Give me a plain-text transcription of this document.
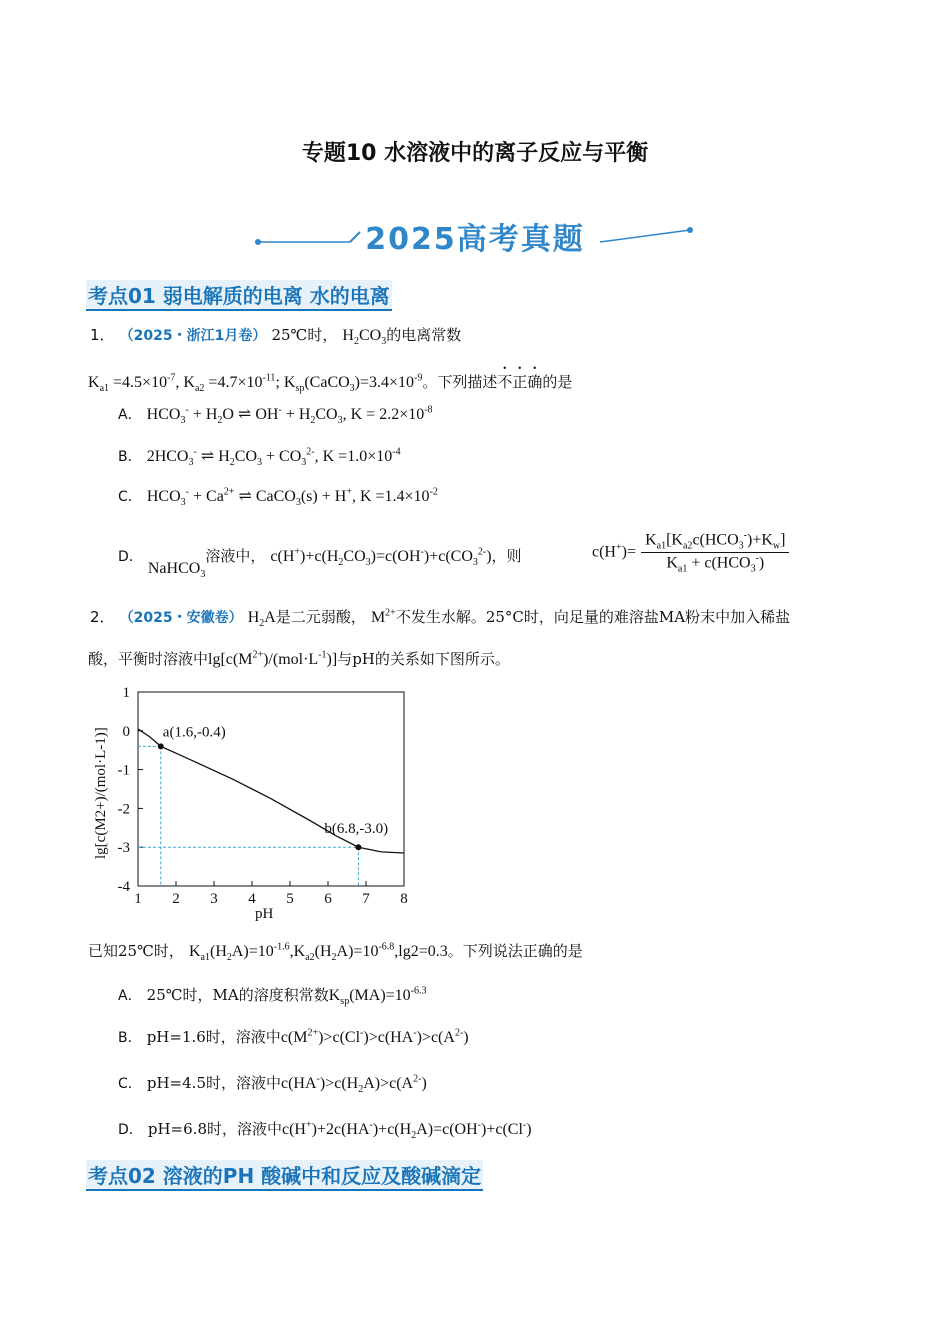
专题10 水溶液中的离子反应与平衡
2025高考真题
考点01 弱电解质的电离 水的电离
1． （2025・浙江1月卷） 25℃时， $H_2CO_3$的电离常数
$K_{a1} =4.5\times 10^{-7}$, $K_{a2} =4.7\times 10^{-11}$; $K_{sp}(CaCO_3)=3.4\times 10^{-9}$。下列描述不正确的是
A． $HCO_3^- + H_2O$ ⇌ $OH^- + H_2CO_3$, $K = 2.2\times 10^{-8}$
B． $2HCO_3^-$ ⇌ $H_2CO_3 + CO_3^{2-}$, $K =1.0\times 10^{-4}$
C． $HCO_3^- + Ca^{2+}$ ⇌ CaCO$_3$(s) + H+, $K =1.4\times 10^{-2}$
D． NaHCO$_3$溶液中， $c(H^+)+c(H_2CO_3)=c(OH^-)+c(CO_3^{2-})$，则	c(H+)=
$K_{a1}[K_{a2}c(HCO_3^-)+K_w]$
$K_{a1} + c(HCO_3^-)$
2． （2025・安徽卷） $H_2A$是二元弱酸， $M^{2+}$不发生水解。25°C时，向足量的难溶盐MA粉末中加入稀盐
酸，平衡时溶液中$\lg[c(M^{2+})/(mol\cdot L^{-1})]$与pH的关系如下图所示。
1 2 3 4 5 6 7 8
1
0
-1
-2
-3
-4
a(1.6,-0.4)
b(6.8,-3.0)
lg[c(M2+)/(mol·L-1)]
pH
已知25℃时， $K_{a1}(H_2A)=10^{-1.6},K_{a2}(H_2A)=10^{-6.8},\lg 2=0.3$。下列说法正确的是
A． 25℃时，MA的溶度积常数$K_{sp}(MA)=10^{-6.3}$
B． pH=1.6时，溶液中$c(M^{2+})>c(Cl^-)>c(HA^-)>c(A^{2-})$
C． pH=4.5时，溶液中$c(HA^-)>c(H_2A)>c(A^{2-})$
D． pH=6.8时，溶液中$c(H^+)+2c(HA^-)+c(H_2A)=c(OH^-)+c(Cl^-)$
考点02 溶液的PH 酸碱中和反应及酸碱滴定
